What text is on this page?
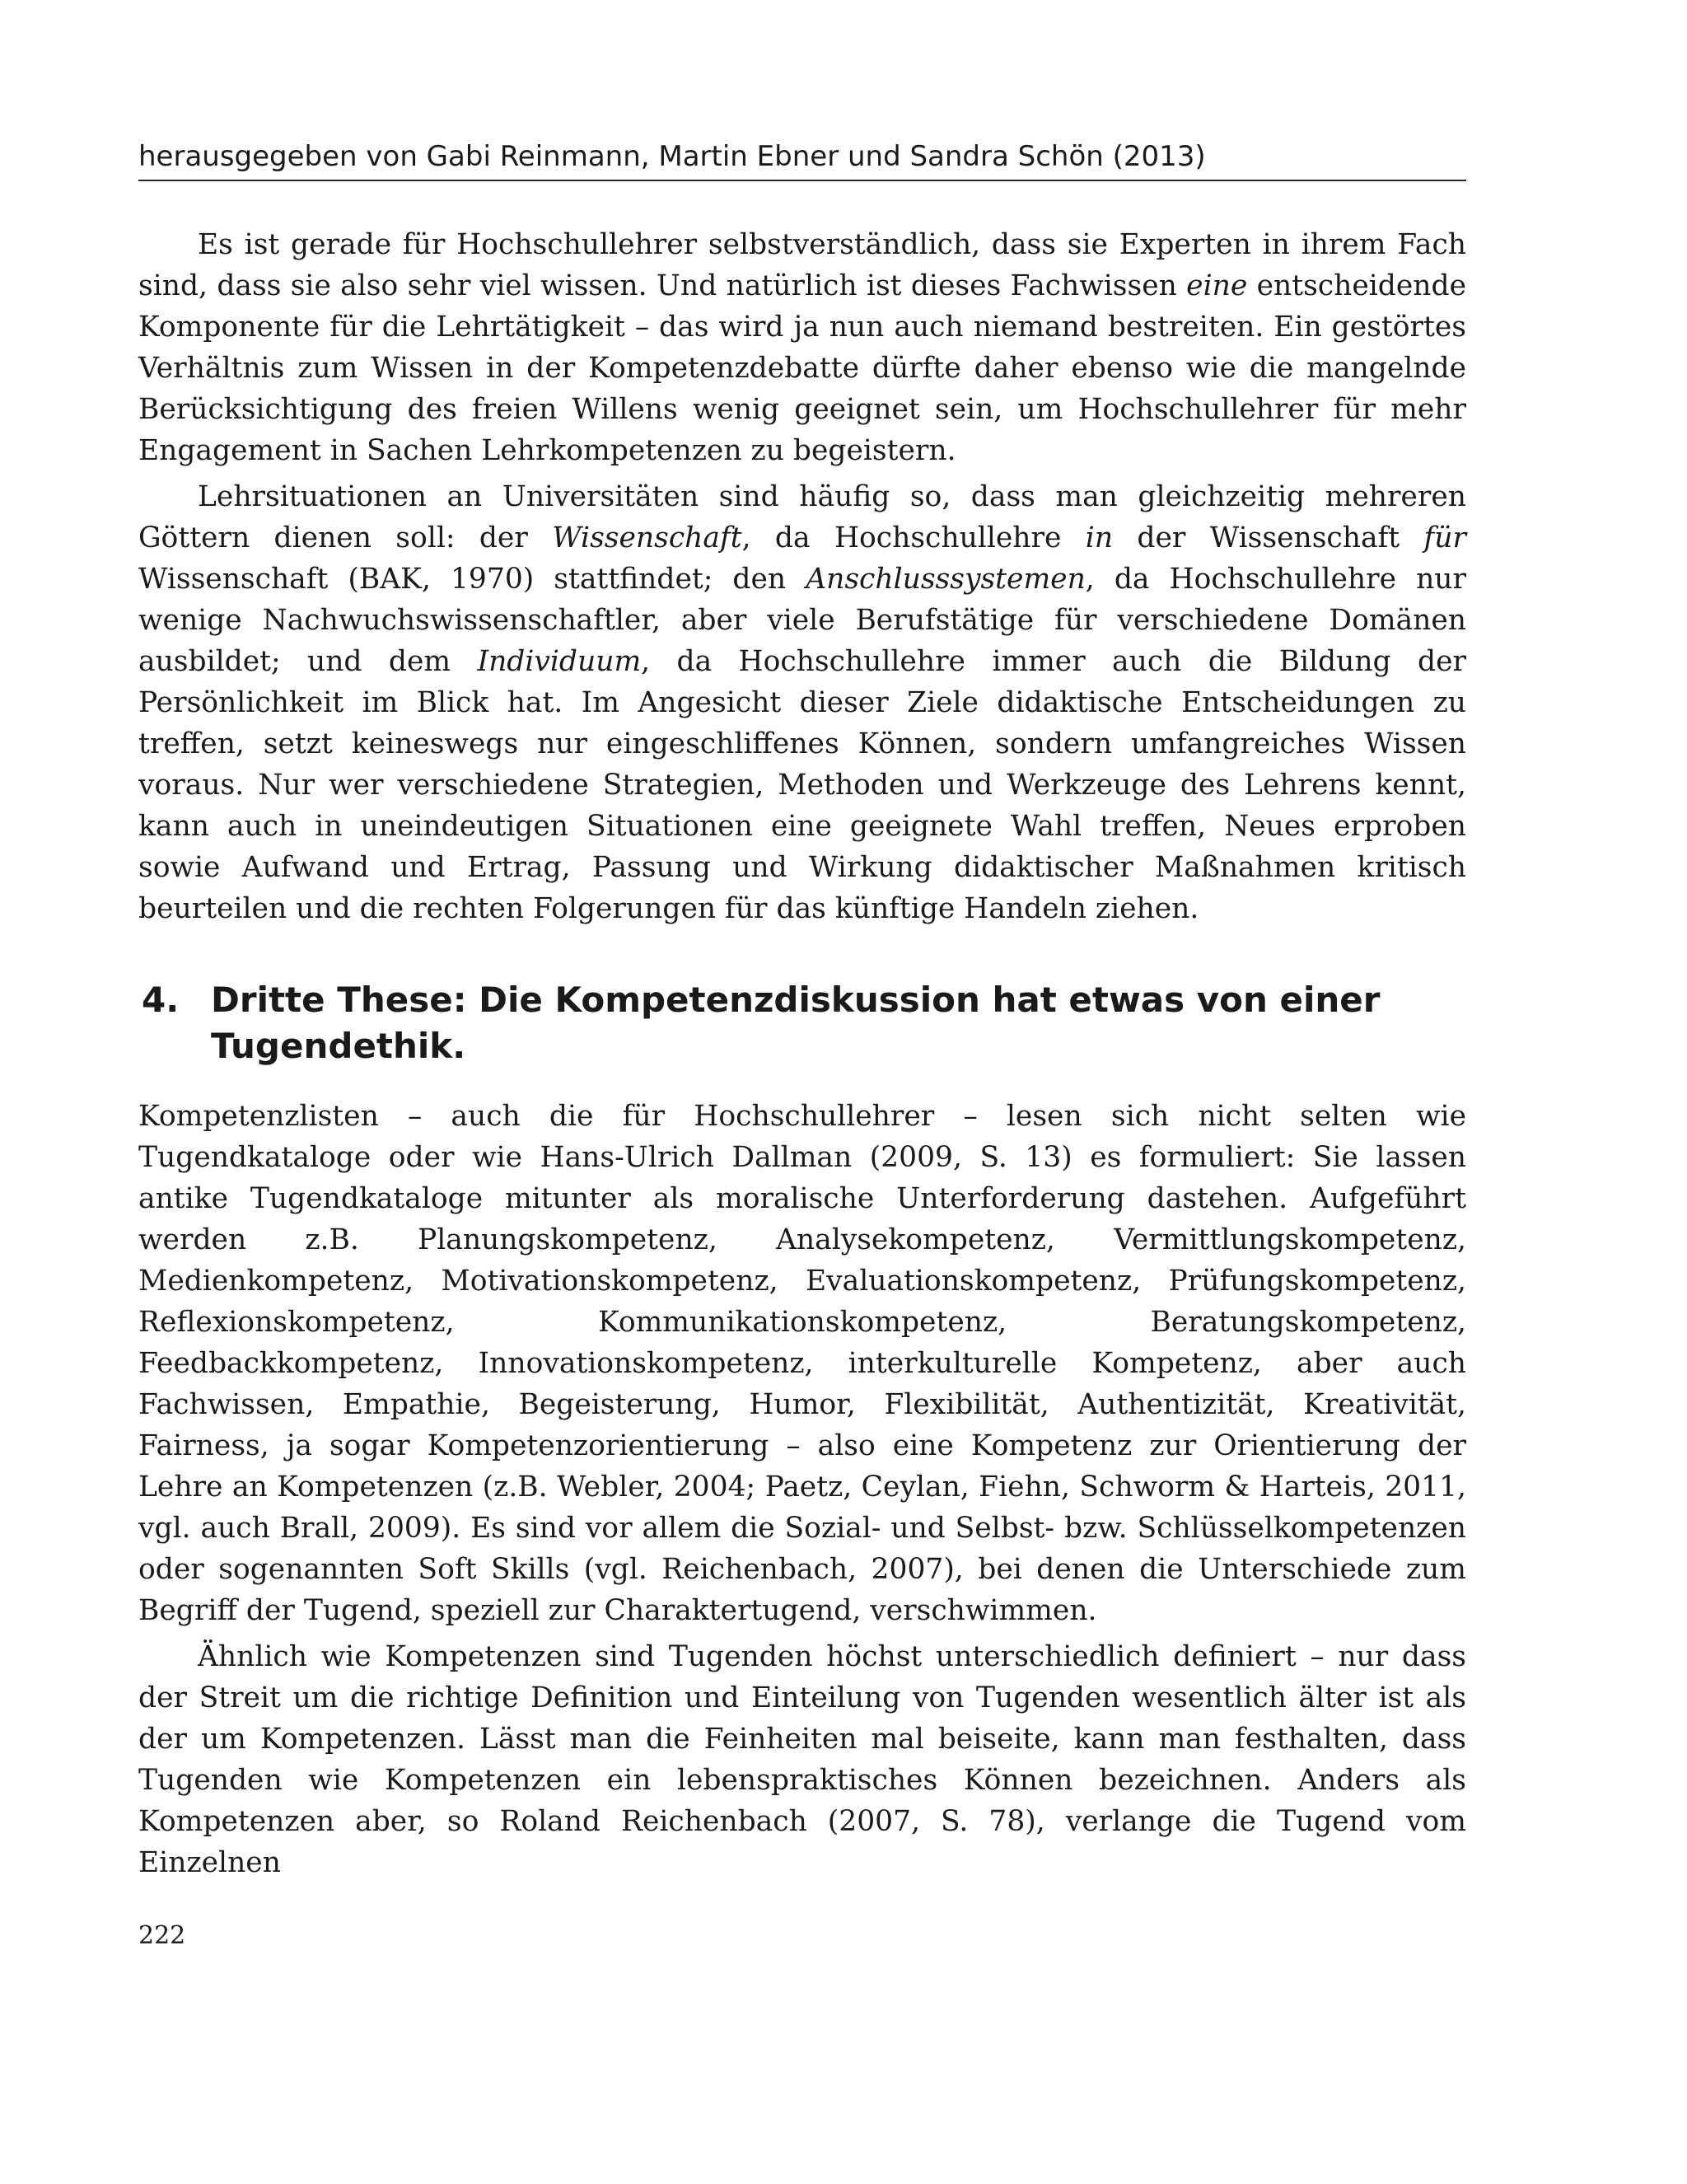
herausgegeben von Gabi Reinmann, Martin Ebner und Sandra Schön (2013)

Es ist gerade für Hochschullehrer selbstverständlich, dass sie Experten in ihrem Fach sind, dass sie also sehr viel wissen. Und natürlich ist dieses Fachwissen eine entscheidende Komponente für die Lehrtätigkeit – das wird ja nun auch niemand bestreiten. Ein gestörtes Verhältnis zum Wissen in der Kompetenzdebatte dürfte daher ebenso wie die mangelnde Berücksichtigung des freien Willens wenig geeignet sein, um Hochschullehrer für mehr Engagement in Sachen Lehrkompetenzen zu begeistern.

Lehrsituationen an Universitäten sind häufig so, dass man gleichzeitig mehreren Göttern dienen soll: der Wissenschaft, da Hochschullehre in der Wissenschaft für Wissenschaft (BAK, 1970) stattfindet; den Anschlusssystemen, da Hochschullehre nur wenige Nachwuchswissenschaftler, aber viele Berufstätige für verschiedene Domänen ausbildet; und dem Individuum, da Hochschullehre immer auch die Bildung der Persönlichkeit im Blick hat. Im Angesicht dieser Ziele didaktische Entscheidungen zu treffen, setzt keineswegs nur eingeschliffenes Können, sondern umfangreiches Wissen voraus. Nur wer verschiedene Strategien, Methoden und Werkzeuge des Lehrens kennt, kann auch in uneindeutigen Situationen eine geeignete Wahl treffen, Neues erproben sowie Aufwand und Ertrag, Passung und Wirkung didaktischer Maßnahmen kritisch beurteilen und die rechten Folgerungen für das künftige Handeln ziehen.

4. Dritte These: Die Kompetenzdiskussion hat etwas von einer Tugendethik.

Kompetenzlisten – auch die für Hochschullehrer – lesen sich nicht selten wie Tugendkataloge oder wie Hans-Ulrich Dallman (2009, S. 13) es formuliert: Sie lassen antike Tugendkataloge mitunter als moralische Unterforderung dastehen. Aufgeführt werden z.B. Planungskompetenz, Analysekompetenz, Vermittlungskompetenz, Medienkompetenz, Motivationskompetenz, Evaluationskompetenz, Prüfungskompetenz, Reflexionskompetenz, Kommunikationskompetenz, Beratungskompetenz, Feedbackkompetenz, Innovationskompetenz, interkulturelle Kompetenz, aber auch Fachwissen, Empathie, Begeisterung, Humor, Flexibilität, Authentizität, Kreativität, Fairness, ja sogar Kompetenzorientierung – also eine Kompetenz zur Orientierung der Lehre an Kompetenzen (z.B. Webler, 2004; Paetz, Ceylan, Fiehn, Schworm & Harteis, 2011, vgl. auch Brall, 2009). Es sind vor allem die Sozial- und Selbst- bzw. Schlüsselkompetenzen oder sogenannten Soft Skills (vgl. Reichenbach, 2007), bei denen die Unterschiede zum Begriff der Tugend, speziell zur Charaktertugend, verschwimmen.

Ähnlich wie Kompetenzen sind Tugenden höchst unterschiedlich definiert – nur dass der Streit um die richtige Definition und Einteilung von Tugenden wesentlich älter ist als der um Kompetenzen. Lässt man die Feinheiten mal beiseite, kann man festhalten, dass Tugenden wie Kompetenzen ein lebenspraktisches Können bezeichnen. Anders als Kompetenzen aber, so Roland Reichenbach (2007, S. 78), verlange die Tugend vom Einzelnen

222
